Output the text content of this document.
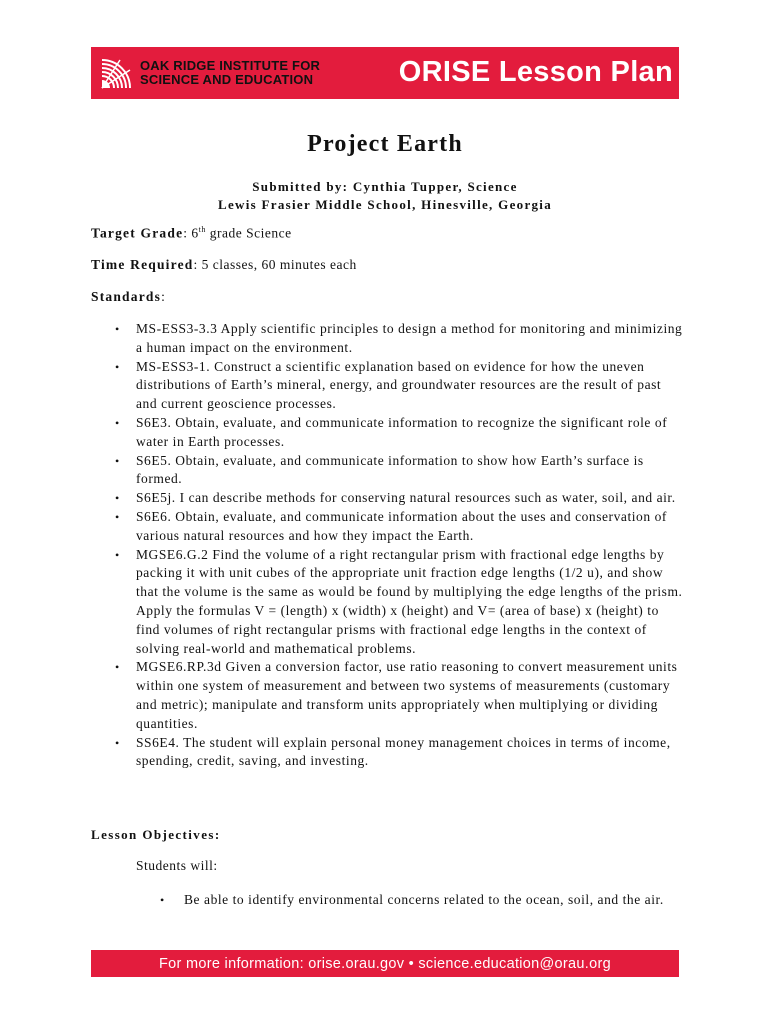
OAK RIDGE INSTITUTE FOR
SCIENCE AND EDUCATION	ORISE Lesson Plan
Project Earth
Submitted by: Cynthia Tupper, Science
Lewis Frasier Middle School, Hinesville, Georgia
Target Grade: 6th grade Science
Time Required: 5 classes, 60 minutes each
Standards:
• MS-ESS3-3.3 Apply scientific principles to design a method for monitoring and minimizing a human impact on the environment.
• MS-ESS3-1. Construct a scientific explanation based on evidence for how the uneven distributions of Earth’s mineral, energy, and groundwater resources are the result of past and current geoscience processes.
• S6E3. Obtain, evaluate, and communicate information to recognize the significant role of water in Earth processes.
• S6E5. Obtain, evaluate, and communicate information to show how Earth’s surface is formed.
• S6E5j. I can describe methods for conserving natural resources such as water, soil, and air.
• S6E6. Obtain, evaluate, and communicate information about the uses and conservation of various natural resources and how they impact the Earth.
• MGSE6.G.2 Find the volume of a right rectangular prism with fractional edge lengths by packing it with unit cubes of the appropriate unit fraction edge lengths (1/2 u), and show that the volume is the same as would be found by multiplying the edge lengths of the prism. Apply the formulas V = (length) x (width) x (height) and V= (area of base) x (height) to find volumes of right rectangular prisms with fractional edge lengths in the context of solving real-world and mathematical problems.
• MGSE6.RP.3d Given a conversion factor, use ratio reasoning to convert measurement units within one system of measurement and between two systems of measurements (customary and metric); manipulate and transform units appropriately when multiplying or dividing quantities.
• SS6E4. The student will explain personal money management choices in terms of income, spending, credit, saving, and investing.
Lesson Objectives:
Students will:
• Be able to identify environmental concerns related to the ocean, soil, and the air.
For more information: orise.orau.gov • science.education@orau.org
